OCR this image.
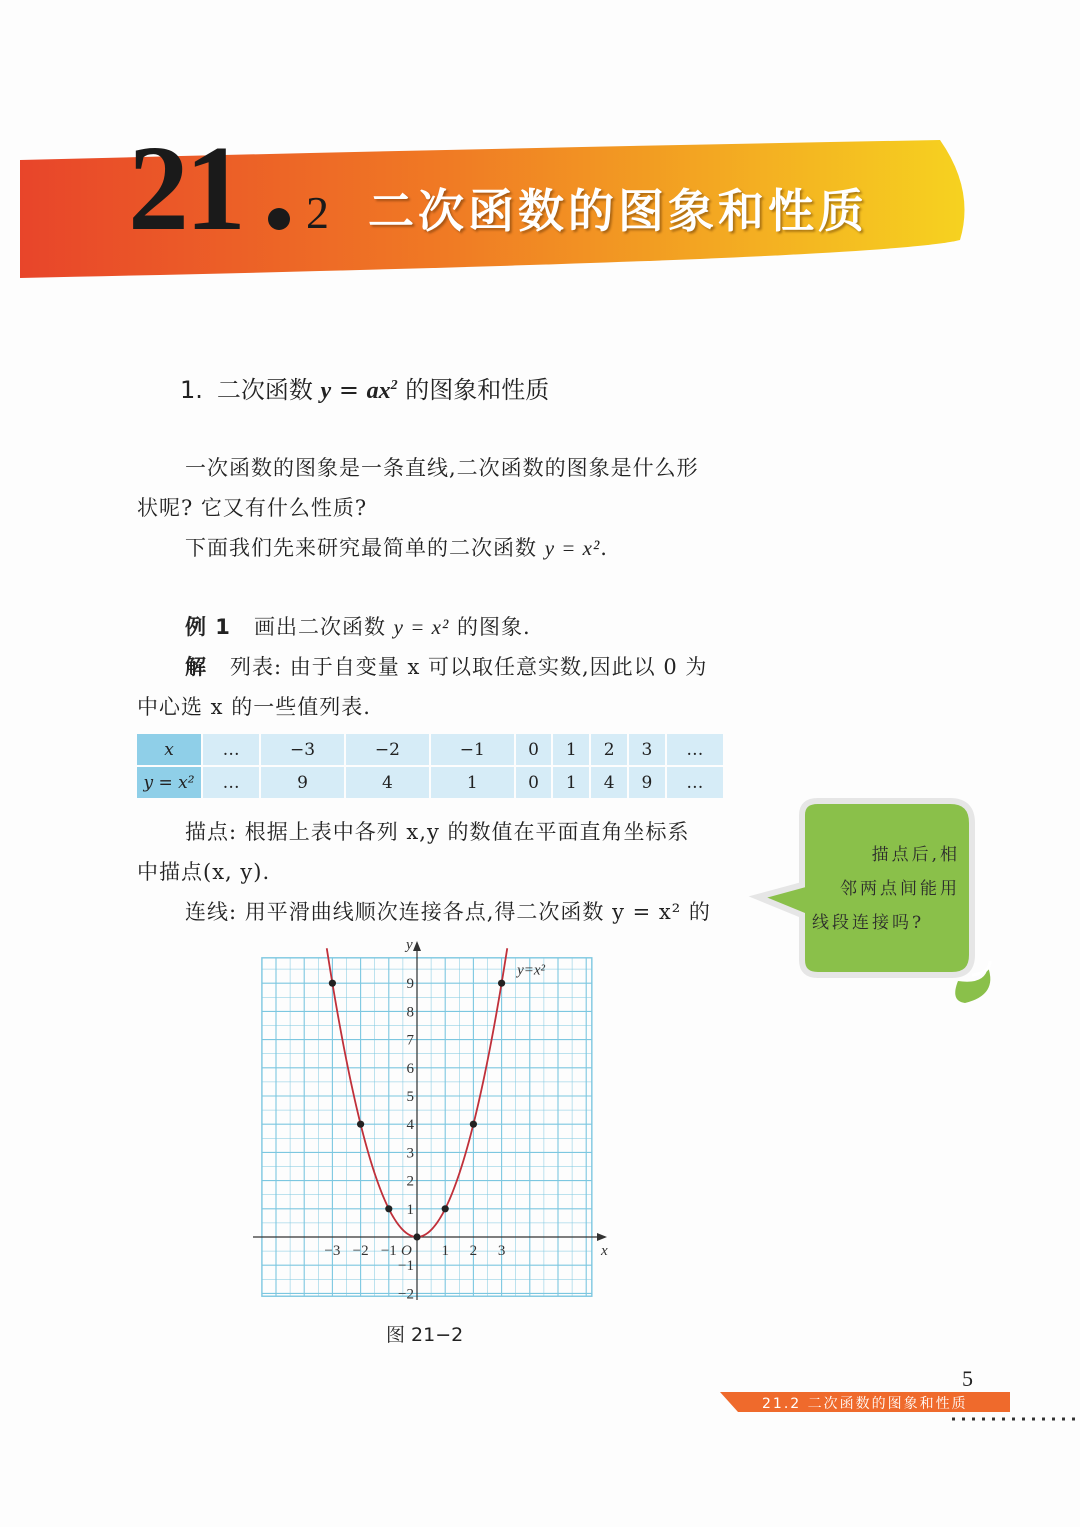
21 2 二次函数的图象和性质
1. 二次函数 $y = ax^2$ 的图象和性质

一次函数的图象是一条直线,二次函数的图象是什么形

状呢? 它又有什么性质?

下面我们先来研究最简单的二次函数 y = x².

例 1 画出二次函数 y = x² 的图象.

解 列表: 由于自变量 x 可以取任意实数,因此以 0 为

中心选 x 的一些值列表.

x	…	−3	−2	−1	0	1	2	3	…
y = x²	…	9	4	1	0	1	4	9	…

描点: 根据上表中各列 x,y 的数值在平面直角坐标系

中描点(x, y).

连线: 用平滑曲线顺次连接各点,得二次函数 y = x² 的

描点后,相
邻两点间能用
线段连接吗?
x
y
O
−3 −2 −1	1 2 3
−2
−1
1
2
3
4
5
6
7
8
9
y=x²
图 21−2
5
21.2 二次函数的图象和性质
